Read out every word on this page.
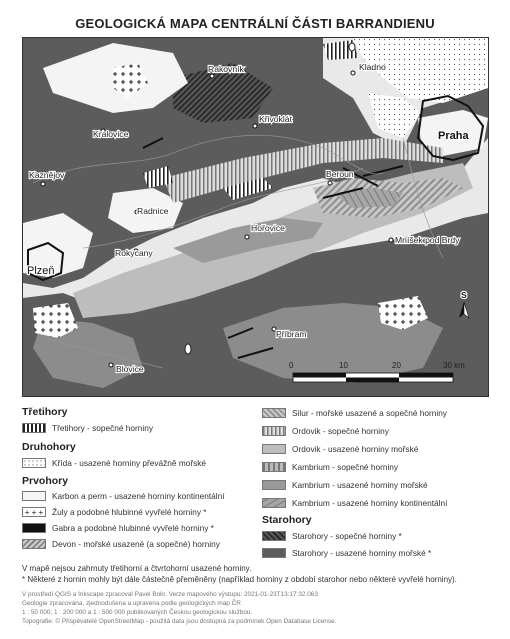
GEOLOGICKÁ MAPA CENTRÁLNÍ ČÁSTI BARRANDIENU
Rakovník	Kladno
Kralovice
Křivoklát
Praha
Kaznějov	Beroun
Radnice
Hořovice
Mníšek pod Brdy
Plzeň
Rokycany
Příbram
Blovice
S
0	10	20	30 km
Třetihory
Třetihory - sopečné horniny
Druhohory
Křída - usazené horniny převážně mořské
Prvohory
Karbon a perm - usazené horniny kontinentální
+ + +	Žuly a podobné hlubinné vyvřelé horniny *
Gabra a podobné hlubinné vyvřelé horniny *
Devon - mořské usazené (a sopečné) horniny
Silur - mořské usazené a sopečné horniny
Ordovik - sopečné horniny
Ordovik - usazené horniny mořské
Kambrium - sopečné horniny
Kambrium - usazené horniny mořské
Kambrium - usazené horniny kontinentální
Starohory
Starohory - sopečné horniny *
Starohory - usazené horniny mořské *
V mapě nejsou zahrnuty třetihorní a čtvrtohorní usazené horniny.
* Některé z hornin mohly být dále částečně přeměněny (například horniny z období starohor nebo některé vyvřelé horniny).
V prostředí QGIS a Inkscape zpracoval Pavel Bokr. Verze mapového výstupu: 2021-01-23T13:17:32.063
Geologie zpracována, zjednodušena a upravena podle geologických map ČR
1 : 50 000, 1 : 200 000 a 1 : 500 000 publikovaných Českou geologickou službou.
Topografie: © Přispěvatelé OpenStreetMap - použitá data jsou dostupná za podmínek Open Database License.
